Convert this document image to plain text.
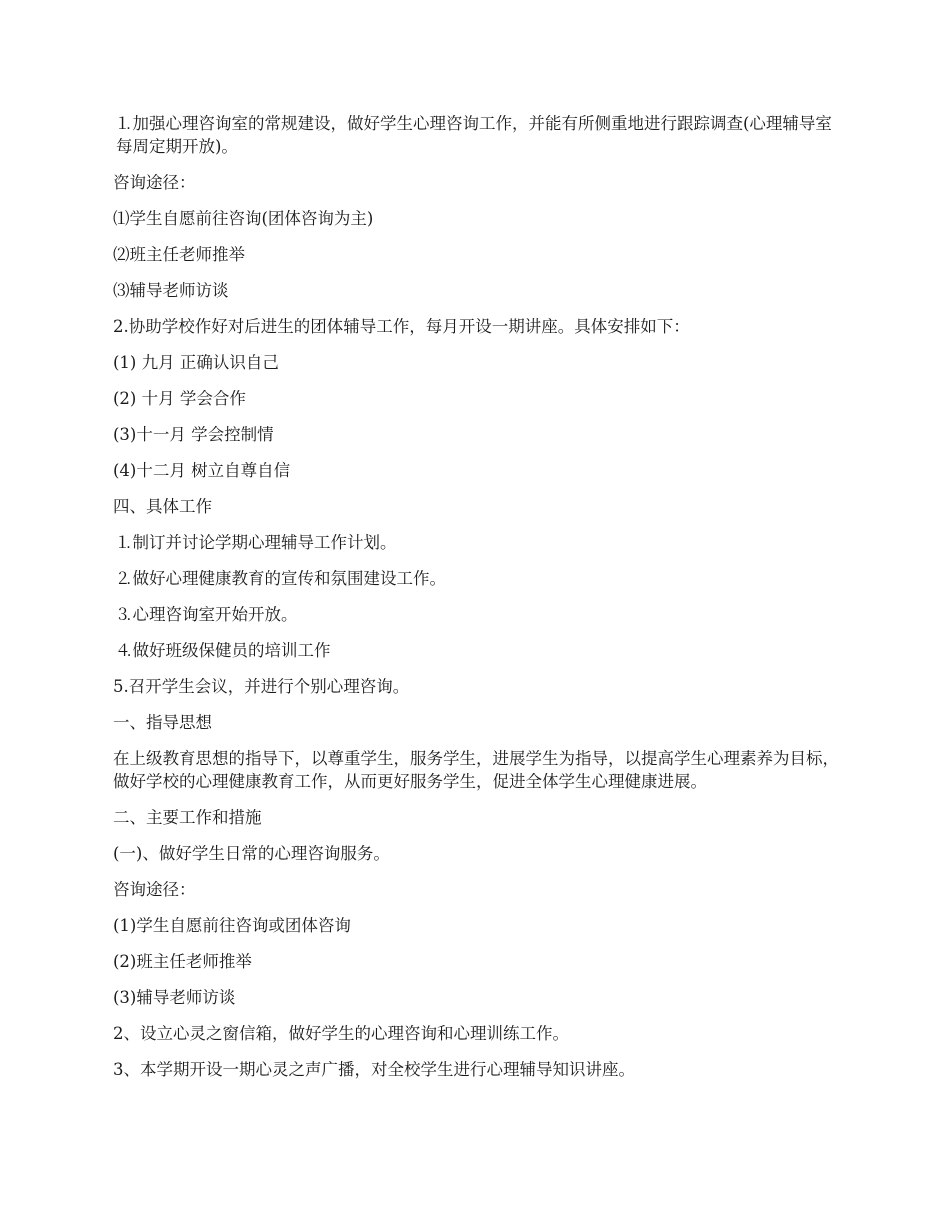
⒈加强心理咨询室的常规建设，做好学生心理咨询工作，并能有所侧重地进行跟踪调查(心理辅导室每周定期开放)。

咨询途径：

⑴学生自愿前往咨询(团体咨询为主)

⑵班主任老师推举

⑶辅导老师访谈

2.协助学校作好对后进生的团体辅导工作，每月开设一期讲座。具体安排如下：

(1) 九月 正确认识自己

(2) 十月 学会合作

(3)十一月 学会控制情

(4)十二月 树立自尊自信

四、具体工作

⒈制订并讨论学期心理辅导工作计划。

⒉做好心理健康教育的宣传和氛围建设工作。

⒊心理咨询室开始开放。

⒋做好班级保健员的培训工作

5.召开学生会议，并进行个别心理咨询。

一、指导思想

在上级教育思想的指导下，以尊重学生，服务学生，进展学生为指导，以提高学生心理素养为目标，做好学校的心理健康教育工作，从而更好服务学生，促进全体学生心理健康进展。

二、主要工作和措施

(一)、做好学生日常的心理咨询服务。

咨询途径：

(1)学生自愿前往咨询或团体咨询

(2)班主任老师推举

(3)辅导老师访谈

2、设立心灵之窗信箱，做好学生的心理咨询和心理训练工作。

3、本学期开设一期心灵之声广播，对全校学生进行心理辅导知识讲座。
